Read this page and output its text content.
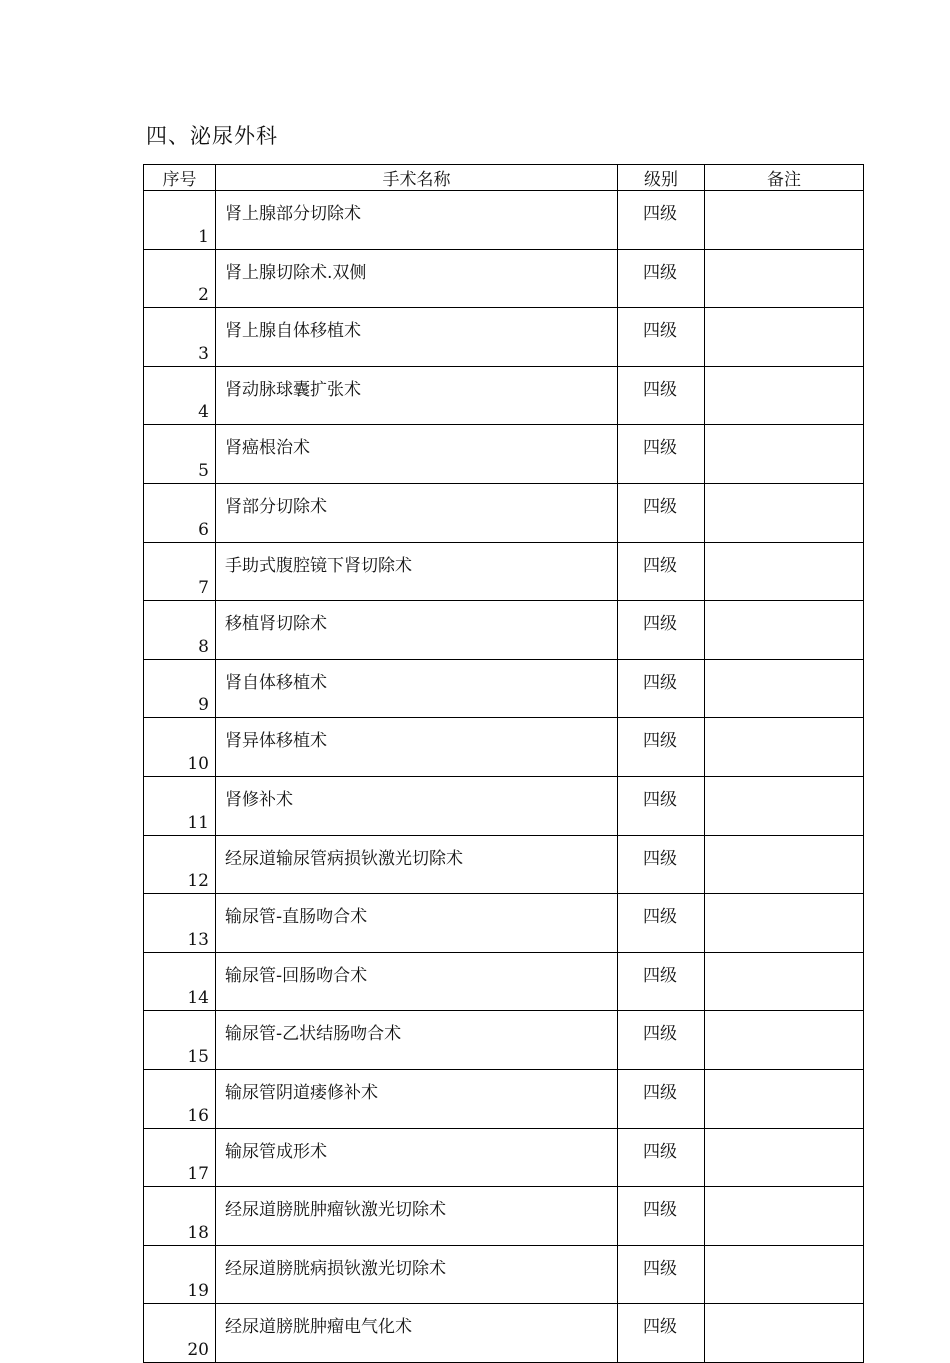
四、泌尿外科
序号	手术名称	级别	备注
1	肾上腺部分切除术	四级	
2	肾上腺切除术.双侧	四级	
3	肾上腺自体移植术	四级	
4	肾动脉球囊扩张术	四级	
5	肾癌根治术	四级	
6	肾部分切除术	四级	
7	手助式腹腔镜下肾切除术	四级	
8	移植肾切除术	四级	
9	肾自体移植术	四级	
10	肾异体移植术	四级	
11	肾修补术	四级	
12	经尿道输尿管病损钬激光切除术	四级	
13	输尿管-直肠吻合术	四级	
14	输尿管-回肠吻合术	四级	
15	输尿管-乙状结肠吻合术	四级	
16	输尿管阴道瘘修补术	四级	
17	输尿管成形术	四级	
18	经尿道膀胱肿瘤钬激光切除术	四级	
19	经尿道膀胱病损钬激光切除术	四级	
20	经尿道膀胱肿瘤电气化术	四级	
